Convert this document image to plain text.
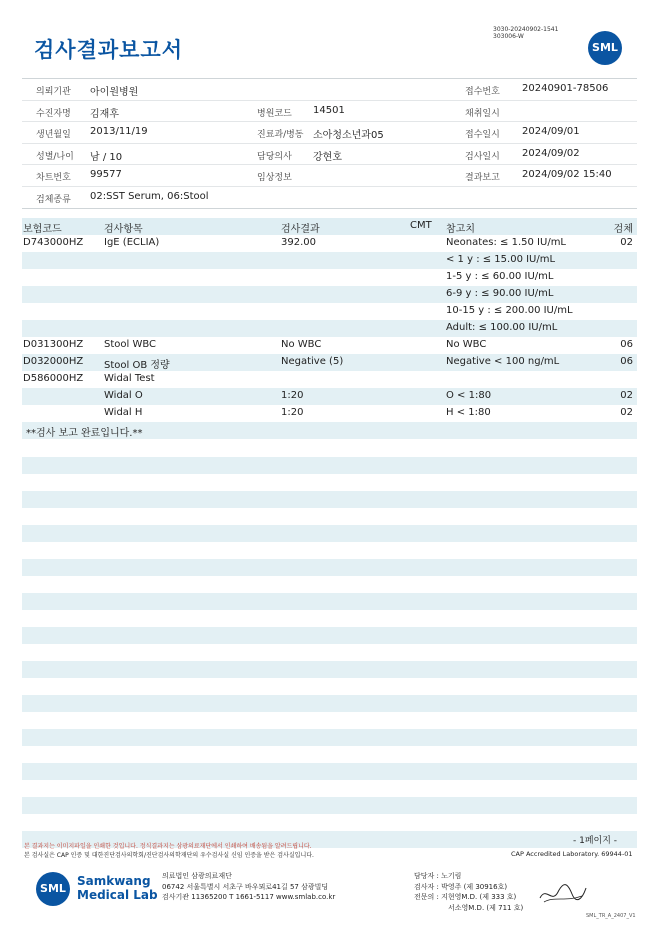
검사결과보고서
3030-20240902-1541
303006-W
SML
의뢰기관 아이원병원	접수번호 20240901-78506
수진자명 김재후	병원코드 14501	채취일시
생년월일 2013/11/19	진료과/병동 소아청소년과05	접수일시 2024/09/01
성별/나이 남 / 10	담당의사 강현호	검사일시 2024/09/02
차트번호 99577	임상정보	결과보고 2024/09/02 15:40
검체종류 02:SST Serum, 06:Stool
보험코드	검사항목	검사결과	CMT 참고치	검체
D743000HZ IgE (ECLIA)	392.00	Neonates: ≤ 1.50 IU/mL	02
< 1 y : ≤ 15.00 IU/mL
1-5 y : ≤ 60.00 IU/mL
6-9 y : ≤ 90.00 IU/mL
10-15 y : ≤ 200.00 IU/mL
Adult: ≤ 100.00 IU/mL
D031300HZ Stool WBC	No WBC	No WBC	06
D032000HZ Stool OB 정량	Negative (5)	Negative < 100 ng/mL	06
D586000HZ Widal Test
Widal O	1:20	O < 1:80	02
Widal H	1:20	H < 1:80	02
**검사 보고 완료입니다.**
- 1페이지 -
본 결과지는 이미지파일을 인쇄한 것입니다. 정식결과지는 삼광의료재단에서 인쇄하여 배송됨을 알려드립니다.
본 검사실은 CAP 인증 및 대한진단검사의학회/진단검사의학재단의 우수검사실 신임 인증을 받은 검사실입니다.	CAP Accredited Laboratory. 69944-01
SML
Samkwang
Medical Lab
의료법인 삼광의료재단
06742 서울특별시 서초구 바우뫼로41길 57 삼광빌딩
검사기관 11365200 T 1661-5117 www.smlab.co.kr
담당자 : 노기림
검사자 : 박영주 (제 30916호)
전문의 : 지현영M.D. (제 333 호)
서소영M.D. (제 711 호)
SML_TR_A_2407_V1
